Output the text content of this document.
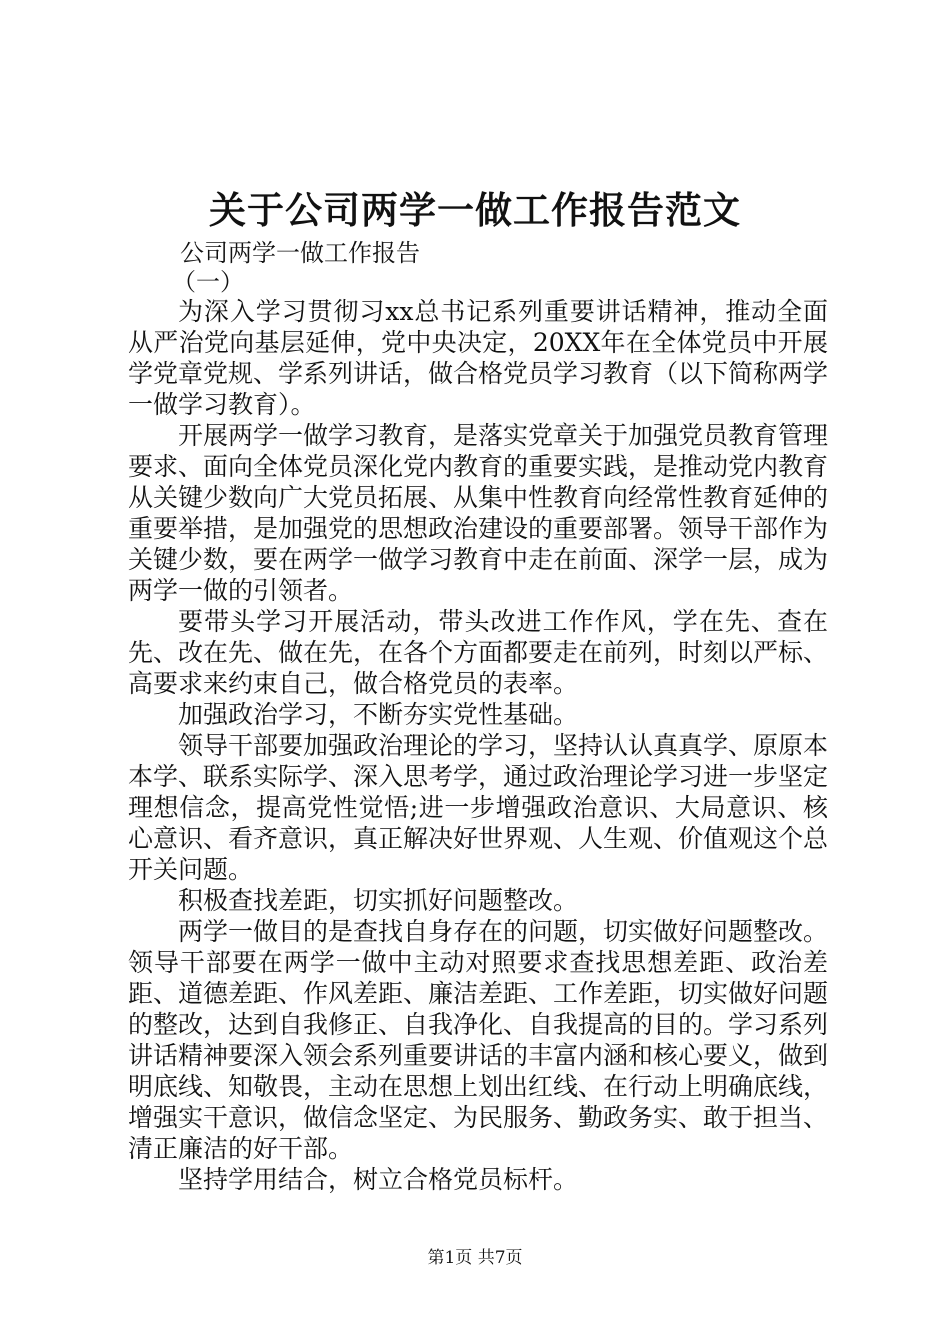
关于公司两学一做工作报告范文
公司两学一做工作报告
（一）

为深入学习贯彻习xx总书记系列重要讲话精神，推动全面从严治党向基层延伸，党中央决定，20XX年在全体党员中开展学党章党规、学系列讲话，做合格党员学习教育（以下简称两学一做学习教育）。

开展两学一做学习教育，是落实党章关于加强党员教育管理要求、面向全体党员深化党内教育的重要实践，是推动党内教育从关键少数向广大党员拓展、从集中性教育向经常性教育延伸的重要举措，是加强党的思想政治建设的重要部署。领导干部作为关键少数，要在两学一做学习教育中走在前面、深学一层，成为两学一做的引领者。

要带头学习开展活动，带头改进工作作风，学在先、查在先、改在先、做在先，在各个方面都要走在前列，时刻以严标、高要求来约束自己，做合格党员的表率。

加强政治学习，不断夯实党性基础。

领导干部要加强政治理论的学习，坚持认认真真学、原原本本学、联系实际学、深入思考学，通过政治理论学习进一步坚定理想信念，提高党性觉悟;进一步增强政治意识、大局意识、核心意识、看齐意识，真正解决好世界观、人生观、价值观这个总开关问题。

积极查找差距，切实抓好问题整改。

两学一做目的是查找自身存在的问题，切实做好问题整改。领导干部要在两学一做中主动对照要求查找思想差距、政治差距、道德差距、作风差距、廉洁差距、工作差距，切实做好问题的整改，达到自我修正、自我净化、自我提高的目的。学习系列讲话精神要深入领会系列重要讲话的丰富内涵和核心要义，做到明底线、知敬畏，主动在思想上划出红线、在行动上明确底线，增强实干意识，做信念坚定、为民服务、勤政务实、敢于担当、清正廉洁的好干部。

坚持学用结合，树立合格党员标杆。

第1页 共7页
